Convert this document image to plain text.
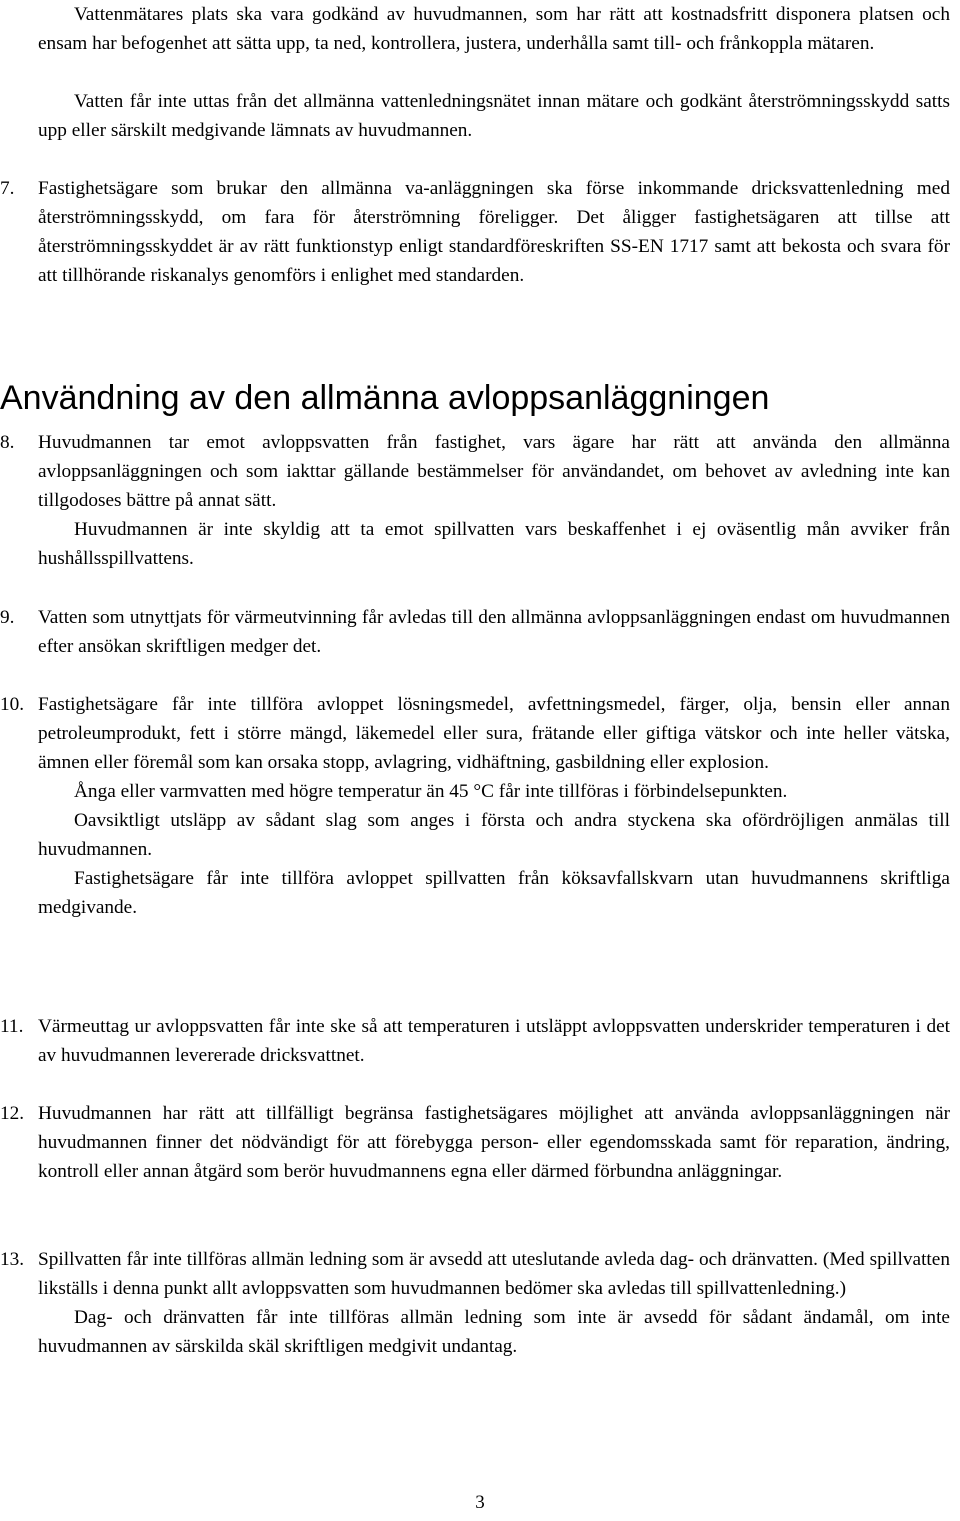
Vattenmätares plats ska vara godkänd av huvudmannen, som har rätt att kostnadsfritt disponera platsen och ensam har befogenhet att sätta upp, ta ned, kontrollera, justera, underhålla samt till- och frånkoppla mätaren.

Vatten får inte uttas från det allmänna vattenledningsnätet innan mätare och godkänt återströmningsskydd satts upp eller särskilt medgivande lämnats av huvudmannen.

7.	Fastighetsägare som brukar den allmänna va-anläggningen ska förse inkommande dricksvattenledning med återströmningsskydd, om fara för återströmning föreligger. Det åligger fastighetsägaren att tillse att återströmningsskyddet är av rätt funktionstyp enligt standardföreskriften SS-EN 1717 samt att bekosta och svara för att tillhörande riskanalys genomförs i enlighet med standarden.

Användning av den allmänna avloppsanläggningen
8.	Huvudmannen tar emot avloppsvatten från fastighet, vars ägare har rätt att använda den allmänna avloppsanläggningen och som iakttar gällande bestämmelser för användandet, om behovet av avledning inte kan tillgodoses bättre på annat sätt.

Huvudmannen är inte skyldig att ta emot spillvatten vars beskaffenhet i ej oväsentlig mån avviker från hushållsspillvattens.

9.	Vatten som utnyttjats för värmeutvinning får avledas till den allmänna avloppsanläggningen endast om huvudmannen efter ansökan skriftligen medger det.

10. Fastighetsägare får inte tillföra avloppet lösningsmedel, avfettningsmedel, färger, olja, bensin eller annan petroleumprodukt, fett i större mängd, läkemedel eller sura, frätande eller giftiga vätskor och inte heller vätska, ämnen eller föremål som kan orsaka stopp, avlagring, vidhäftning, gasbildning eller explosion.

Ånga eller varmvatten med högre temperatur än 45 °C får inte tillföras i förbindelsepunkten.

Oavsiktligt utsläpp av sådant slag som anges i första och andra styckena ska ofördröjligen anmälas till huvudmannen.

Fastighetsägare får inte tillföra avloppet spillvatten från köksavfallskvarn utan huvudmannens skriftliga medgivande.

11. Värmeuttag ur avloppsvatten får inte ske så att temperaturen i utsläppt avloppsvatten underskrider temperaturen i det av huvudmannen levererade dricksvattnet.

12. Huvudmannen har rätt att tillfälligt begränsa fastighetsägares möjlighet att använda avloppsanläggningen när huvudmannen finner det nödvändigt för att förebygga person- eller egendomsskada samt för reparation, ändring, kontroll eller annan åtgärd som berör huvudmannens egna eller därmed förbundna anläggningar.

13. Spillvatten får inte tillföras allmän ledning som är avsedd att uteslutande avleda dag- och dränvatten. (Med spillvatten likställs i denna punkt allt avloppsvatten som huvudmannen bedömer ska avledas till spillvattenledning.)

Dag- och dränvatten får inte tillföras allmän ledning som inte är avsedd för sådant ändamål, om inte huvudmannen av särskilda skäl skriftligen medgivit undantag.

3
